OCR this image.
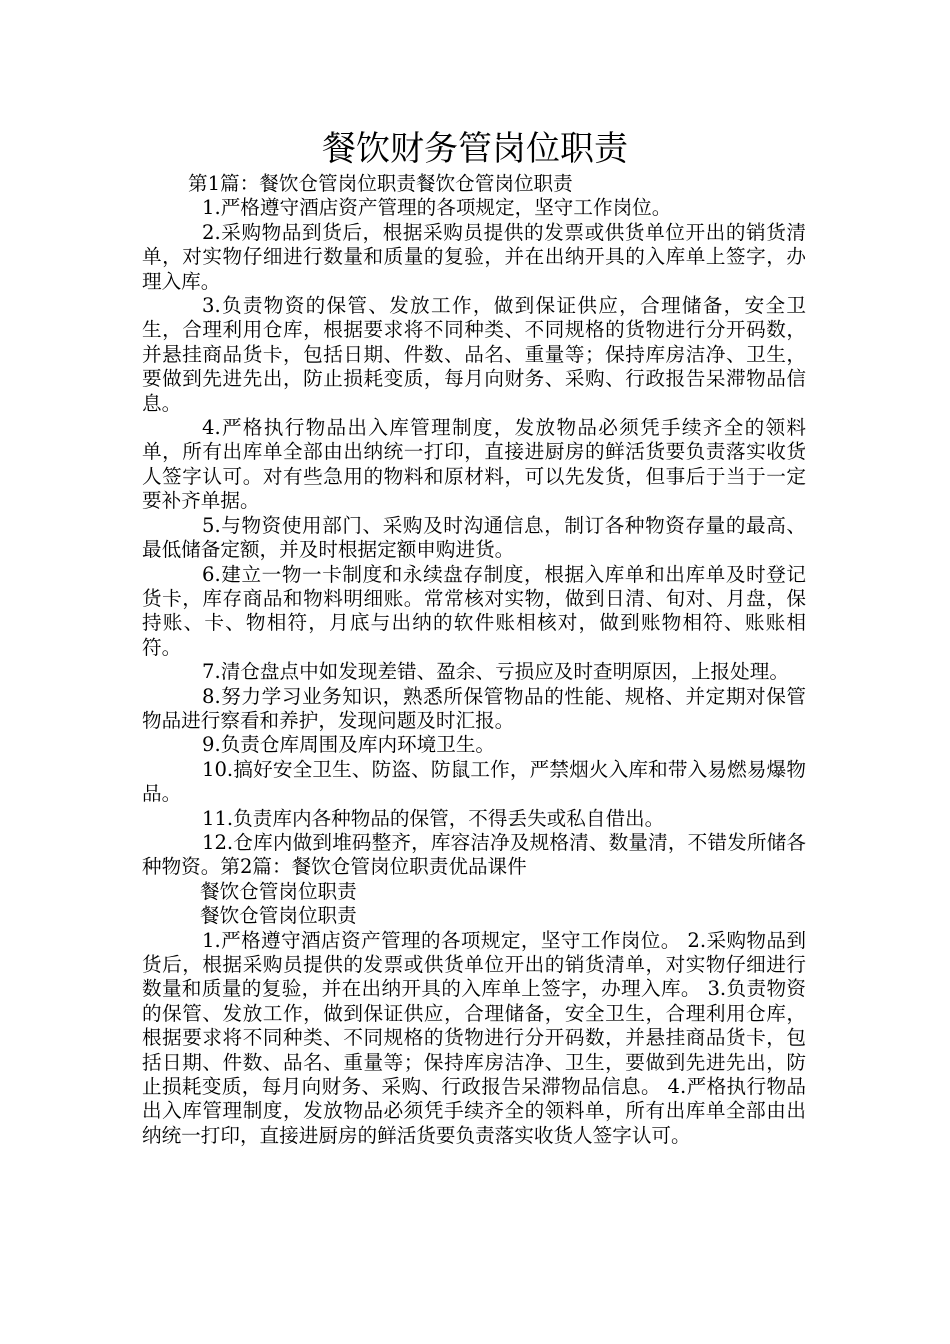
餐饮财务管岗位职责

第1篇：餐饮仓管岗位职责餐饮仓管岗位职责

1.严格遵守酒店资产管理的各项规定，坚守工作岗位。

2.采购物品到货后，根据采购员提供的发票或供货单位开出的销货清单，对实物仔细进行数量和质量的复验，并在出纳开具的入库单上签字，办理入库。

3.负责物资的保管、发放工作，做到保证供应，合理储备，安全卫生，合理利用仓库，根据要求将不同种类、不同规格的货物进行分开码数，并悬挂商品货卡，包括日期、件数、品名、重量等；保持库房洁净、卫生，要做到先进先出，防止损耗变质，每月向财务、采购、行政报告呆滞物品信息。

4.严格执行物品出入库管理制度，发放物品必须凭手续齐全的领料单，所有出库单全部由出纳统一打印，直接进厨房的鲜活货要负责落实收货人签字认可。对有些急用的物料和原材料，可以先发货，但事后于当于一定要补齐单据。

5.与物资使用部门、采购及时沟通信息，制订各种物资存量的最高、最低储备定额，并及时根据定额申购进货。

6.建立一物一卡制度和永续盘存制度，根据入库单和出库单及时登记货卡，库存商品和物料明细账。常常核对实物，做到日清、旬对、月盘，保持账、卡、物相符，月底与出纳的软件账相核对，做到账物相符、账账相符。

7.清仓盘点中如发现差错、盈余、亏损应及时查明原因，上报处理。

8.努力学习业务知识，熟悉所保管物品的性能、规格、并定期对保管物品进行察看和养护，发现问题及时汇报。

9.负责仓库周围及库内环境卫生。

10.搞好安全卫生、防盗、防鼠工作，严禁烟火入库和带入易燃易爆物品。

11.负责库内各种物品的保管，不得丢失或私自借出。

12.仓库内做到堆码整齐，库容洁净及规格清、数量清，不错发所储各种物资。第2篇：餐饮仓管岗位职责优品课件

餐饮仓管岗位职责

餐饮仓管岗位职责

1.严格遵守酒店资产管理的各项规定，坚守工作岗位。 2.采购物品到货后，根据采购员提供的发票或供货单位开出的销货清单，对实物仔细进行数量和质量的复验，并在出纳开具的入库单上签字，办理入库。 3.负责物资的保管、发放工作，做到保证供应，合理储备，安全卫生，合理利用仓库，根据要求将不同种类、不同规格的货物进行分开码数，并悬挂商品货卡，包括日期、件数、品名、重量等；保持库房洁净、卫生，要做到先进先出，防止损耗变质，每月向财务、采购、行政报告呆滞物品信息。 4.严格执行物品出入库管理制度，发放物品必须凭手续齐全的领料单，所有出库单全部由出纳统一打印，直接进厨房的鲜活货要负责落实收货人签字认可。
